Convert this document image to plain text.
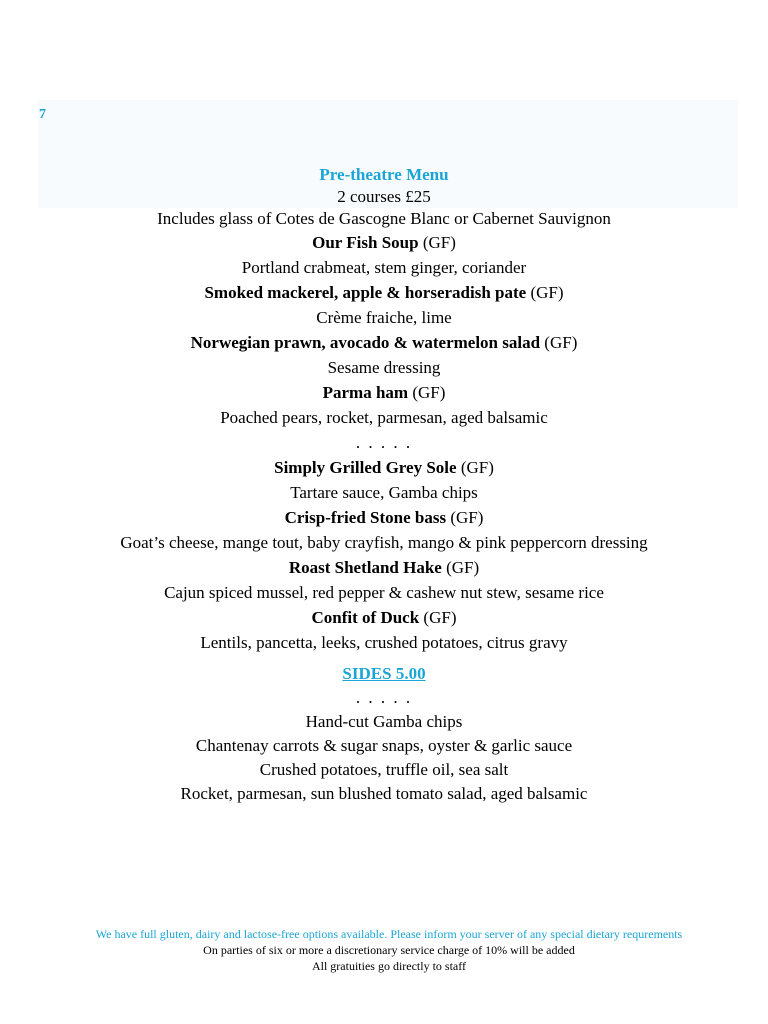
7
Pre-theatre Menu
2 courses £25
Includes glass of Cotes de Gascogne Blanc or Cabernet Sauvignon
Our Fish Soup (GF)
Portland crabmeat, stem ginger, coriander
Smoked mackerel, apple & horseradish pate (GF)
Crème fraiche, lime
Norwegian prawn, avocado & watermelon salad (GF)
Sesame dressing
Parma ham (GF)
Poached pears, rocket, parmesan, aged balsamic
. . . . .
Simply Grilled Grey Sole (GF)
Tartare sauce, Gamba chips
Crisp-fried Stone bass (GF)
Goat’s cheese, mange tout, baby crayfish, mango & pink peppercorn dressing
Roast Shetland Hake (GF)
Cajun spiced mussel, red pepper & cashew nut stew, sesame rice
Confit of Duck (GF)
Lentils, pancetta, leeks, crushed potatoes, citrus gravy
SIDES 5.00
. . . . .
Hand-cut Gamba chips
Chantenay carrots & sugar snaps, oyster & garlic sauce
Crushed potatoes, truffle oil, sea salt
Rocket, parmesan, sun blushed tomato salad, aged balsamic
We have full gluten, dairy and lactose-free options available. Please inform your server of any special dietary requrements
On parties of six or more a discretionary service charge of 10% will be added
All gratuities go directly to staff
